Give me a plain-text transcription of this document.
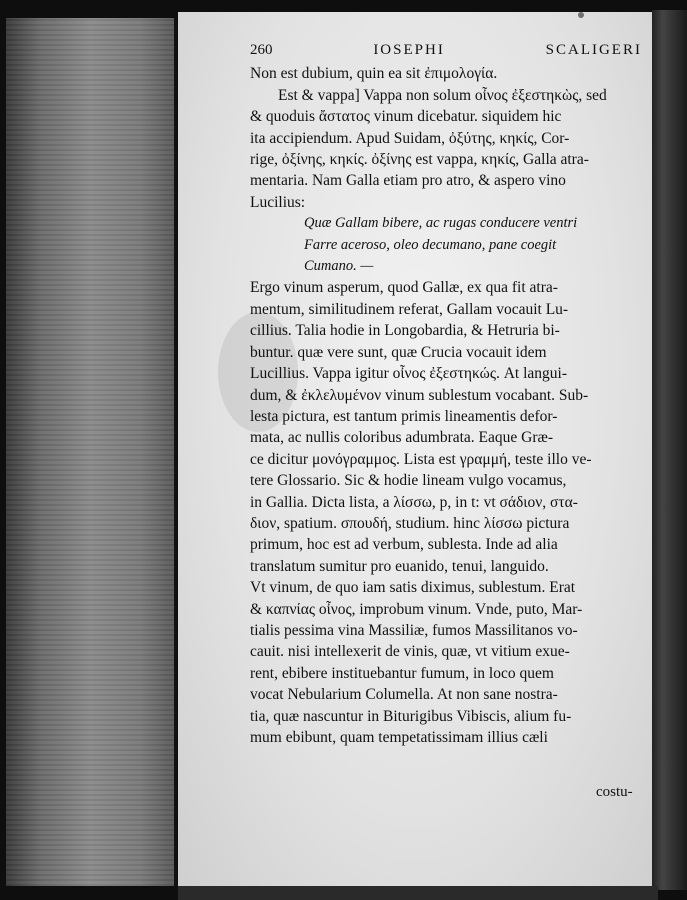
260	IOSEPHI	SCALIGERI
Non est dubium, quin ea sit ἐπιμολογία.
Est & vappa] Vappa non solum οἶνος ἐξεστηκὼς, sed
& quoduis ἄστατος vinum dicebatur. siquidem hic
ita accipiendum. Apud Suidam, ὀξύτης, κηκίς, Cor-
rige, ὀξίνης, κηκίς. ὀξίνης est vappa, κηκίς, Galla atra-
mentaria. Nam Galla etiam pro atro, & aspero vino
Lucilius:
Quæ Gallam bibere, ac rugas conducere ventri
Farre aceroso, oleo decumano, pane coegit
Cumano. —
Ergo vinum asperum, quod Gallæ, ex qua fit atra-
mentum, similitudinem referat, Gallam vocauit Lu-
cillius. Talia hodie in Longobardia, & Hetruria bi-
buntur. quæ vere sunt, quæ Crucia vocauit idem
Lucillius. Vappa igitur οἶνος ἐξεστηκώς. At langui-
dum, & ἐκλελυμένον vinum sublestum vocabant. Sub-
lesta pictura, est tantum primis lineamentis defor-
mata, ac nullis coloribus adumbrata. Eaque Græ-
ce dicitur μονόγραμμος. Lista est γραμμή, teste illo ve-
tere Glossario. Sic & hodie lineam vulgo vocamus,
in Gallia. Dicta lista, a λίσσω, p, in t: vt σάδιον, στα-
διον, spatium. σπουδή, studium. hinc λίσσω pictura
primum, hoc est ad verbum, sublesta. Inde ad alia
translatum sumitur pro euanido, tenui, languido.
Vt vinum, de quo iam satis diximus, sublestum. Erat
& καπνίας οἶνος, improbum vinum. Vnde, puto, Mar-
tialis pessima vina Massiliæ, fumos Massilitanos vo-
cauit. nisi intellexerit de vinis, quæ, vt vitium exue-
rent, ebibere instituebantur fumum, in loco quem
vocat Nebularium Columella. At non sane nostra-
tia, quæ nascuntur in Biturigibus Vibiscis, alium fu-
mum ebibunt, quam tempetatissimam illius cæli
costu-
